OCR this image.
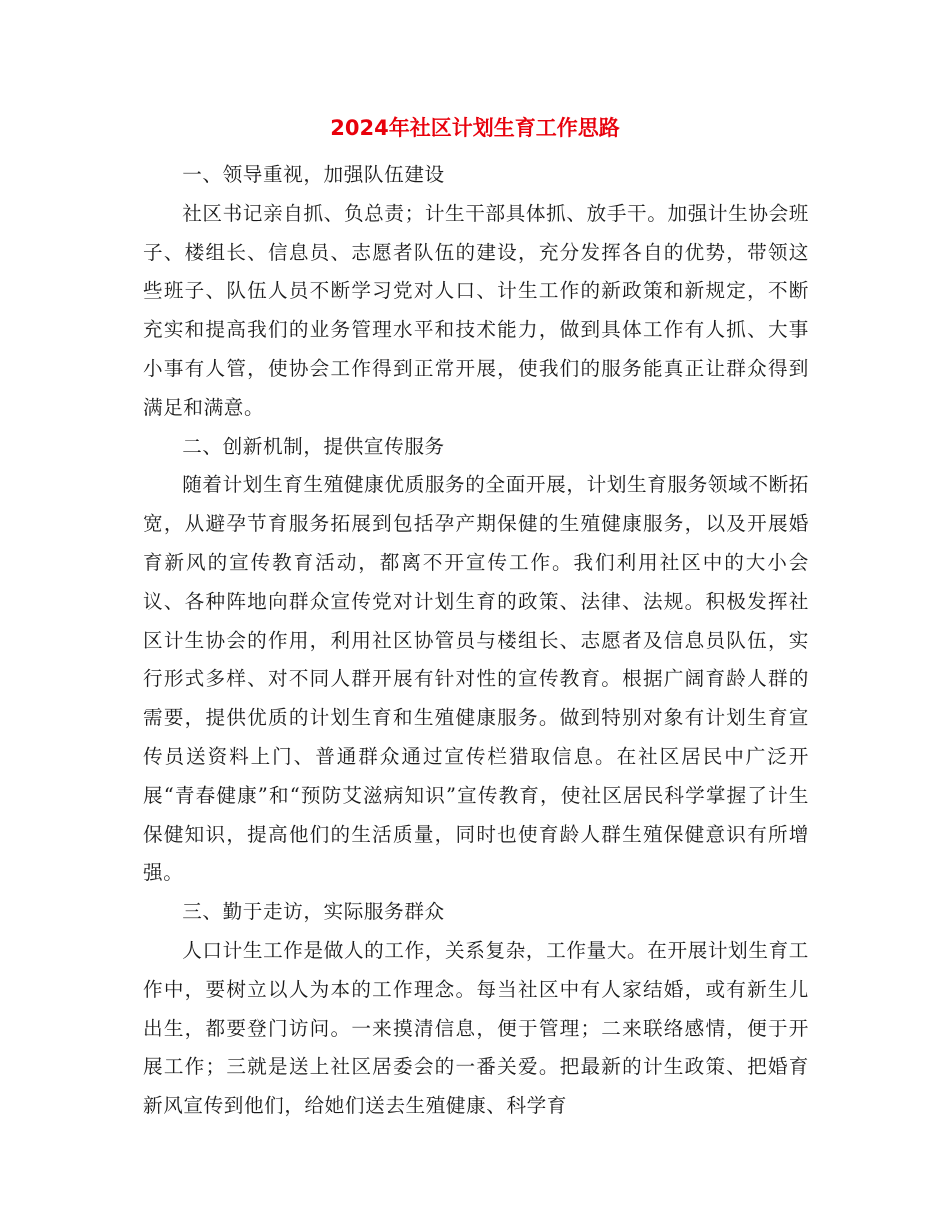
2024年社区计划生育工作思路

一、领导重视，加强队伍建设

社区书记亲自抓、负总责；计生干部具体抓、放手干。加强计生协会班子、楼组长、信息员、志愿者队伍的建设，充分发挥各自的优势，带领这些班子、队伍人员不断学习党对人口、计生工作的新政策和新规定，不断充实和提高我们的业务管理水平和技术能力，做到具体工作有人抓、大事小事有人管，使协会工作得到正常开展，使我们的服务能真正让群众得到满足和满意。

二、创新机制，提供宣传服务

随着计划生育生殖健康优质服务的全面开展，计划生育服务领域不断拓宽，从避孕节育服务拓展到包括孕产期保健的生殖健康服务，以及开展婚育新风的宣传教育活动，都离不开宣传工作。我们利用社区中的大小会议、各种阵地向群众宣传党对计划生育的政策、法律、法规。积极发挥社区计生协会的作用，利用社区协管员与楼组长、志愿者及信息员队伍，实行形式多样、对不同人群开展有针对性的宣传教育。根据广阔育龄人群的需要，提供优质的计划生育和生殖健康服务。做到特别对象有计划生育宣传员送资料上门、普通群众通过宣传栏猎取信息。在社区居民中广泛开展“青春健康”和“预防艾滋病知识”宣传教育，使社区居民科学掌握了计生保健知识，提高他们的生活质量，同时也使育龄人群生殖保健意识有所增强。

三、勤于走访，实际服务群众

人口计生工作是做人的工作，关系复杂，工作量大。在开展计划生育工作中，要树立以人为本的工作理念。每当社区中有人家结婚，或有新生儿出生，都要登门访问。一来摸清信息，便于管理；二来联络感情，便于开展工作；三就是送上社区居委会的一番关爱。把最新的计生政策、把婚育新风宣传到他们，给她们送去生殖健康、科学育
